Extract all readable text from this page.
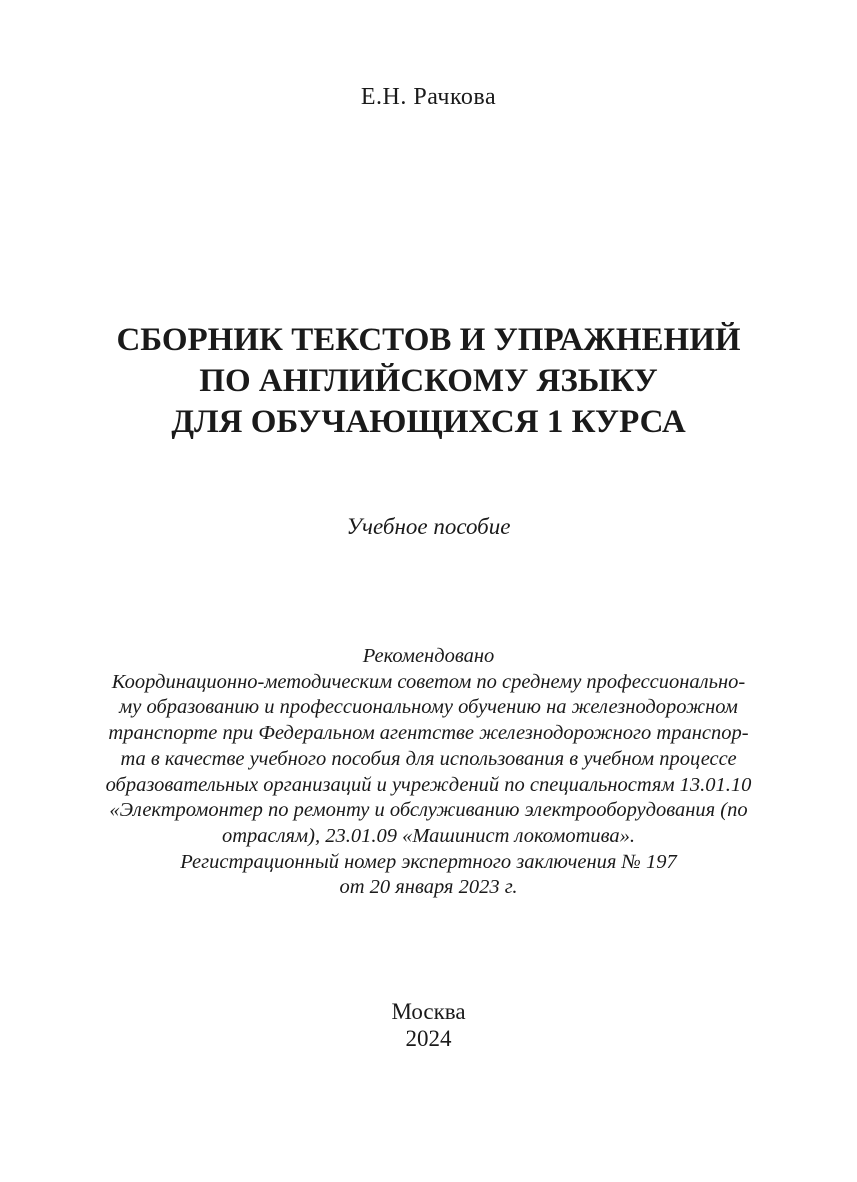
Е.Н. Рачкова
СБОРНИК ТЕКСТОВ И УПРАЖНЕНИЙ
ПО АНГЛИЙСКОМУ ЯЗЫКУ
ДЛЯ ОБУЧАЮЩИХСЯ 1 КУРСА
Учебное пособие
Рекомендовано
Координационно-методическим советом по среднему профессионально-
му образованию и профессиональному обучению на железнодорожном
транспорте при Федеральном агентстве железнодорожного транспор-
та в качестве учебного пособия для использования в учебном процессе
образовательных организаций и учреждений по специальностям 13.01.10
«Электромонтер по ремонту и обслуживанию электрооборудования (по
отраслям), 23.01.09 «Машинист локомотива».
Регистрационный номер экспертного заключения № 197
от 20 января 2023 г.
Москва
2024
